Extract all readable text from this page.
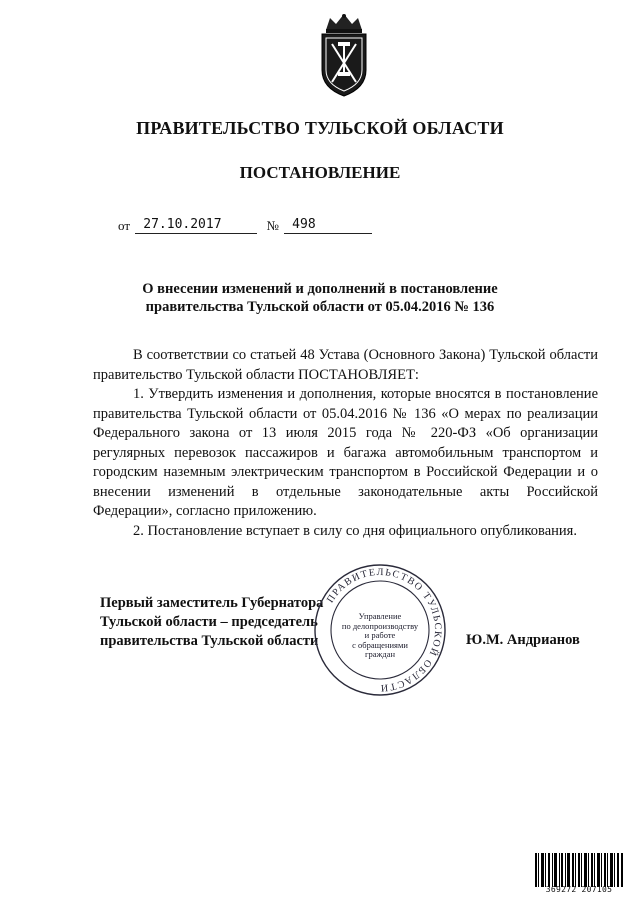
ПРАВИТЕЛЬСТВО ТУЛЬСКОЙ ОБЛАСТИ
ПОСТАНОВЛЕНИЕ
от 27.10.2017	№ 498
О внесении изменений и дополнений в постановление
правительства Тульской области от 05.04.2016 № 136

В соответствии со статьей 48 Устава (Основного Закона) Тульской области правительство Тульской области ПОСТАНОВЛЯЕТ:

1. Утвердить изменения и дополнения, которые вносятся в постановление правительства Тульской области от 05.04.2016 № 136 «О мерах по реализации Федерального закона от 13 июля 2015 года № 220-ФЗ «Об организации регулярных перевозок пассажиров и багажа автомобильным транспортом и городским наземным электрическим транспортом в Российской Федерации и о внесении изменений в отдельные законодательные акты Российской Федерации», согласно приложению.

2. Постановление вступает в силу со дня официального опубликования.

Первый заместитель Губернатора
Тульской области – председатель
правительства Тульской области
ПРАВИТЕЛЬСТВО ТУЛЬСКОЙ ОБЛАСТИ
Управление
по делопроизводству
и работе
с обращениями
граждан
Ю.М. Андрианов
369272 207105
